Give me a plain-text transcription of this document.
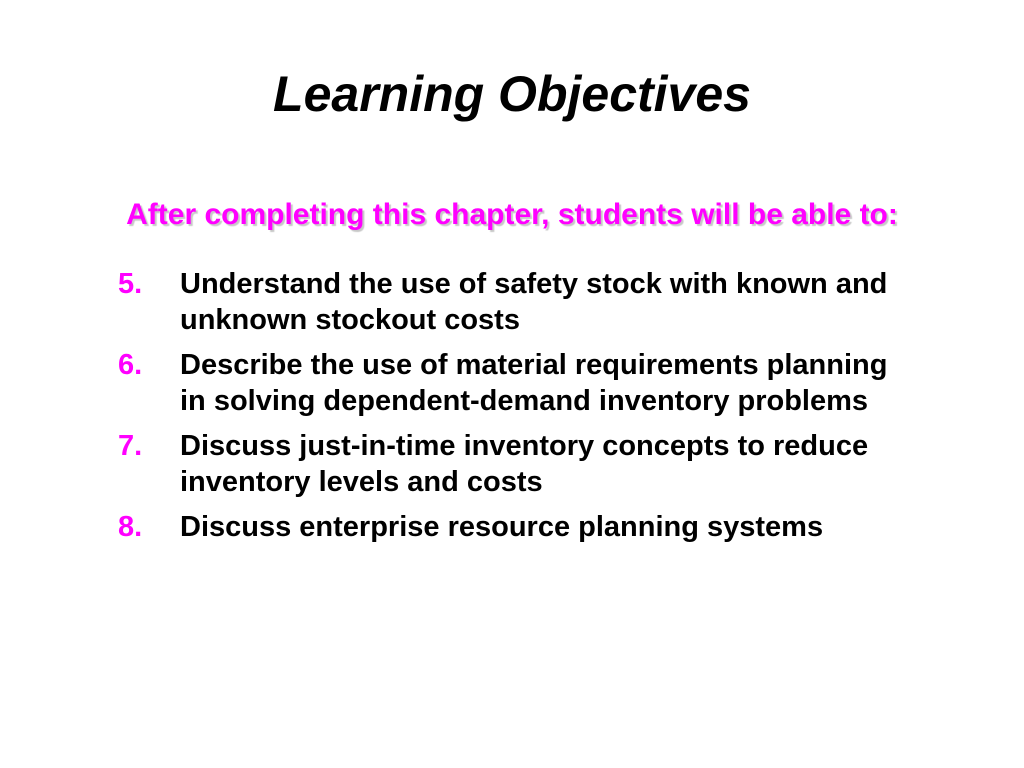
Learning Objectives

After completing this chapter, students will be able to:

5.	Understand the use of safety stock with known and unknown stockout costs
6.	Describe the use of material requirements planning in solving dependent-demand inventory problems
7.	Discuss just-in-time inventory concepts to reduce inventory levels and costs
8.	Discuss enterprise resource planning systems
